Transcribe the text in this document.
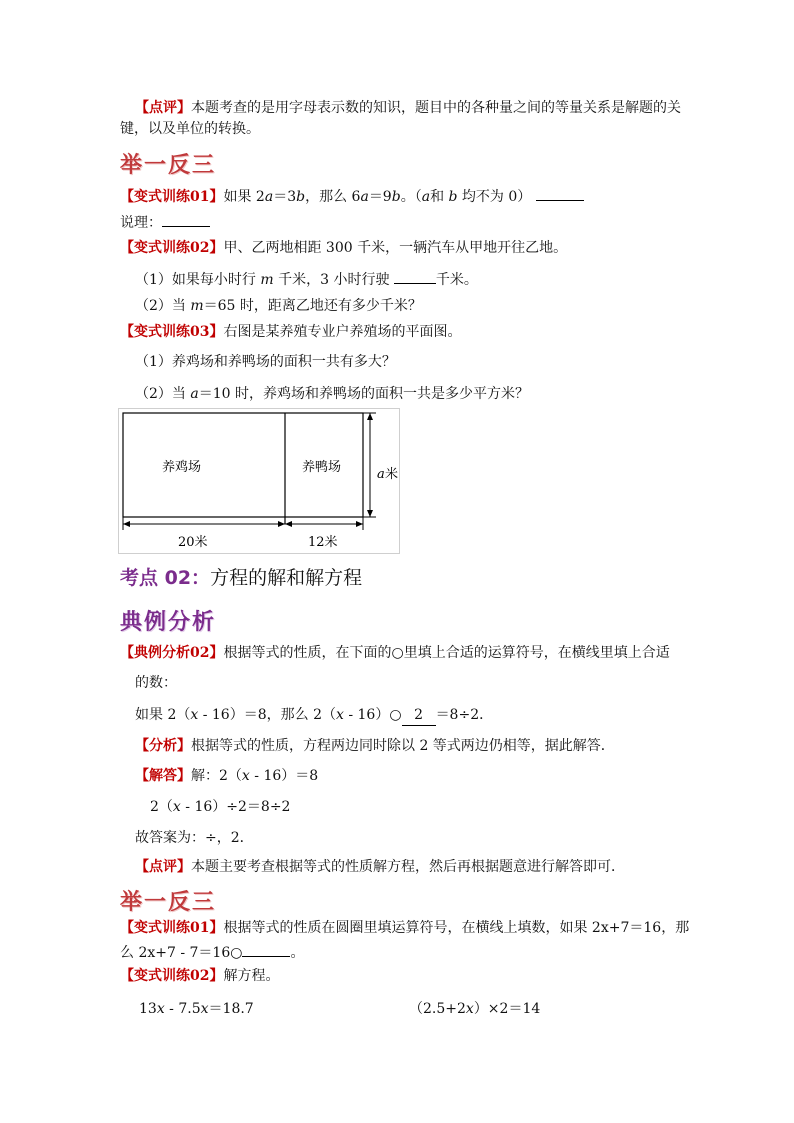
【点评】本题考查的是用字母表示数的知识，题目中的各种量之间的等量关系是解题的关
键，以及单位的转换。
举一反三
【变式训练01】如果 2a＝3b，那么 6a＝9b。（a和 b 均不为 0）
说理：
【变式训练02】甲、乙两地相距 300 千米，一辆汽车从甲地开往乙地。
（1）如果每小时行 m 千米，3 小时行驶	千米。
（2）当 m＝65 时，距离乙地还有多少千米？
【变式训练03】右图是某养殖专业户养殖场的平面图。
（1）养鸡场和养鸭场的面积一共有多大？
（2）当 a＝10 时，养鸡场和养鸭场的面积一共是多少平方米？
养鸡场	养鸭场	a 米
20米	12米
考点 02：方程的解和解方程
典例分析
【典例分析02】根据等式的性质，在下面的○里填上合适的运算符号，在横线里填上合适
的数：
如果 2（x - 16）＝8，那么 2（x - 16）○ 2 ＝8÷2．
【分析】根据等式的性质，方程两边同时除以 2 等式两边仍相等，据此解答．
【解答】解：2（x - 16）＝8
2（x - 16）÷2＝8÷2
故答案为：÷，2．
【点评】本题主要考查根据等式的性质解方程，然后再根据题意进行解答即可．
举一反三
【变式训练01】根据等式的性质在圆圈里填运算符号，在横线上填数，如果 2x+7＝16，那
么 2x+7 - 7＝16○	。
【变式训练02】解方程。
13x - 7.5x＝18.7	（2.5+2x）×2＝14
